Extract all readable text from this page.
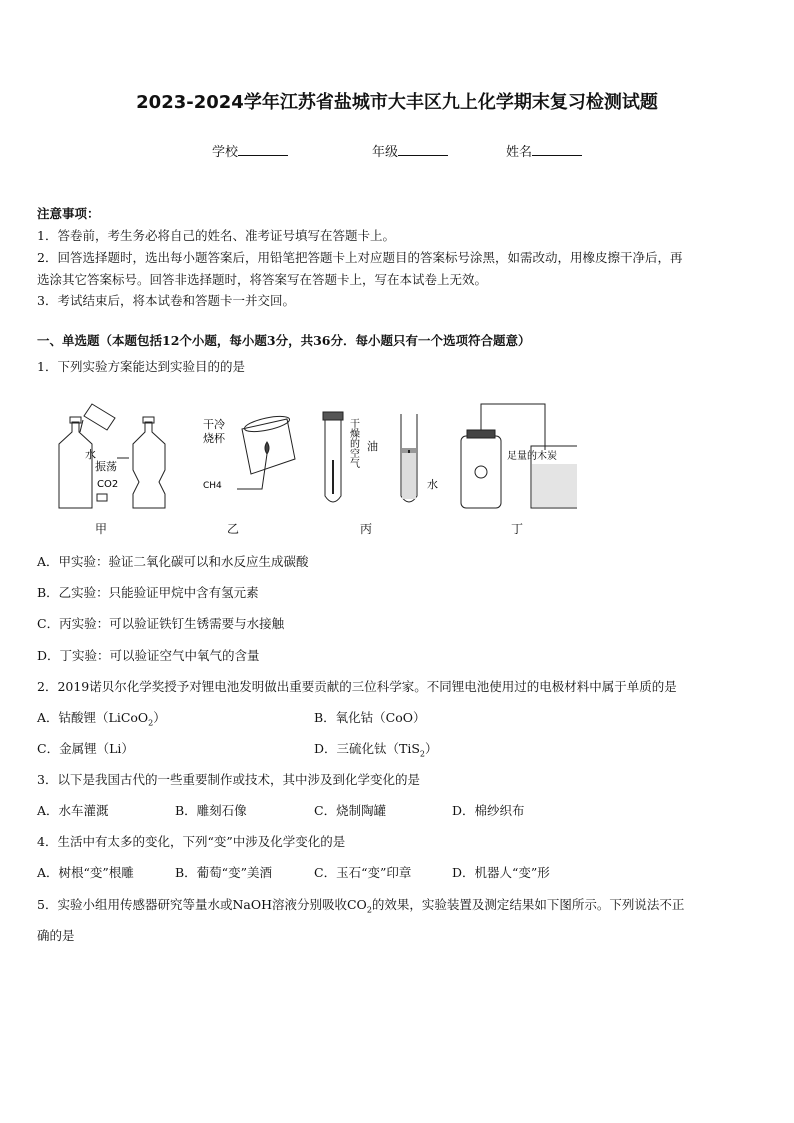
2023-2024学年江苏省盐城市大丰区九上化学期末复习检测试题
学校	年级	姓名
注意事项：
1．答卷前，考生务必将自己的姓名、准考证号填写在答题卡上。
2．回答选择题时，选出每小题答案后，用铅笔把答题卡上对应题目的答案标号涂黑，如需改动，用橡皮擦干净后，再
选涂其它答案标号。回答非选择题时，将答案写在答题卡上，写在本试卷上无效。
3．考试结束后，将本试卷和答题卡一并交回。
一、单选题（本题包括12个小题，每小题3分，共36分．每小题只有一个选项符合题意）
1．下列实验方案能达到实验目的的是
水
振荡
CO2
干冷
烧杯
CH4
干燥的空气 油
水
足量的木炭
甲	乙	丙	丁
A．甲实验：验证二氧化碳可以和水反应生成碳酸
B．乙实验：只能验证甲烷中含有氢元素
C．丙实验：可以验证铁钉生锈需要与水接触
D．丁实验：可以验证空气中氧气的含量
2．2019诺贝尔化学奖授予对锂电池发明做出重要贡献的三位科学家。不同锂电池使用过的电极材料中属于单质的是
A．钴酸锂（LiCoO$_2$）	B．氧化钴（CoO）
C．金属锂（Li）	D．三硫化钛（TiS$_2$）
3．以下是我国古代的一些重要制作或技术，其中涉及到化学变化的是
A．水车灌溉	B．雕刻石像	C．烧制陶罐	D．棉纱织布
4．生活中有太多的变化，下列“变”中涉及化学变化的是
A．树根“变”根雕	B．葡萄“变”美酒	C．玉石“变”印章	D．机器人“变”形
5．实验小组用传感器研究等量水或NaOH溶液分别吸收$CO_2$的效果，实验装置及测定结果如下图所示。下列说法不正
确的是
